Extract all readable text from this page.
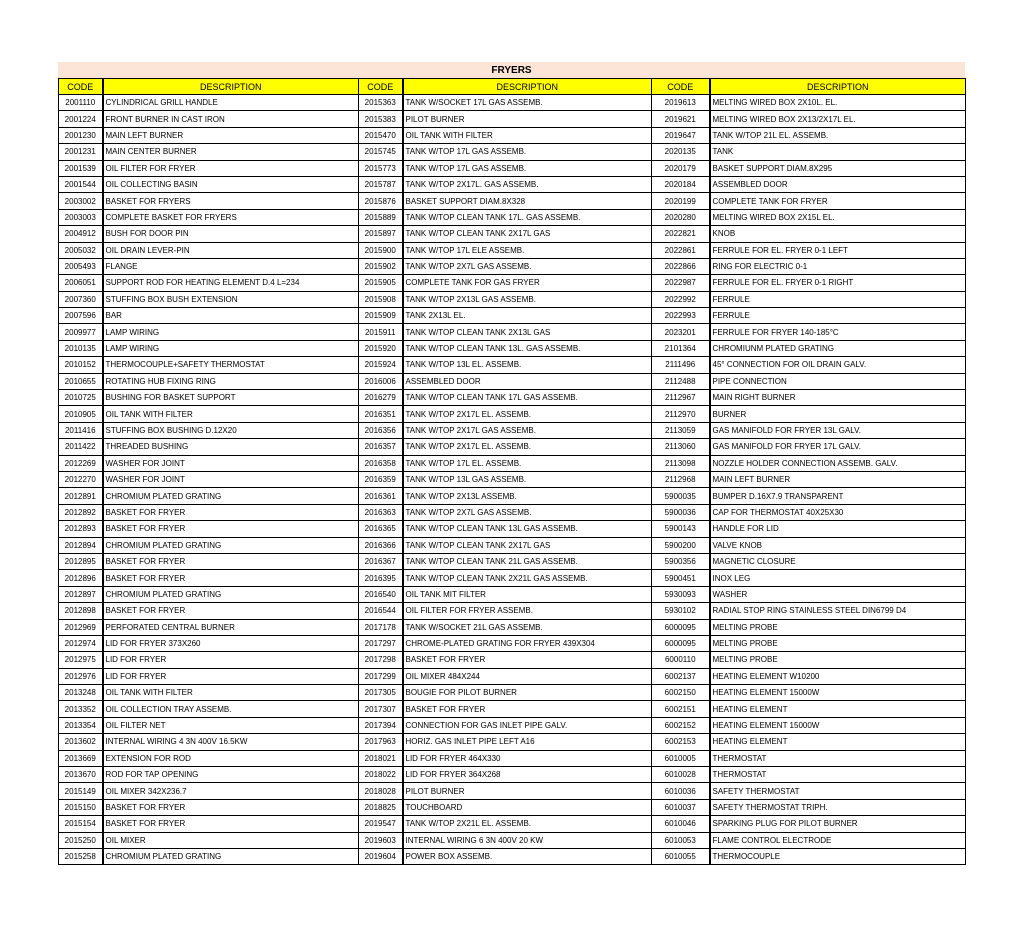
FRYERS
CODE	DESCRIPTION	CODE	DESCRIPTION	CODE	DESCRIPTION
2001110	CYLINDRICAL GRILL HANDLE	2015363	TANK W/SOCKET 17L GAS ASSEMB.	2019613	MELTING WIRED BOX 2X10L. EL.
2001224	FRONT BURNER IN CAST IRON	2015383	PILOT BURNER	2019621	MELTING WIRED BOX 2X13/2X17L EL.
2001230	MAIN LEFT BURNER	2015470	OIL TANK WITH FILTER	2019647	TANK W/TOP 21L EL. ASSEMB.
2001231	MAIN CENTER BURNER	2015745	TANK W/TOP 17L GAS ASSEMB.	2020135	TANK
2001539	OIL FILTER FOR FRYER	2015773	TANK W/TOP 17L GAS ASSEMB.	2020179	BASKET SUPPORT DIAM.8X295
2001544	OIL COLLECTING BASIN	2015787	TANK W/TOP 2X17L. GAS ASSEMB.	2020184	ASSEMBLED DOOR
2003002	BASKET FOR FRYERS	2015876	BASKET SUPPORT DIAM.8X328	2020199	COMPLETE TANK FOR FRYER
2003003	COMPLETE BASKET FOR FRYERS	2015889	TANK W/TOP CLEAN TANK 17L. GAS ASSEMB.	2020280	MELTING WIRED BOX 2X15L EL.
2004912	BUSH FOR DOOR PIN	2015897	TANK W/TOP CLEAN TANK 2X17L GAS	2022821	KNOB
2005032	OIL DRAIN LEVER-PIN	2015900	TANK W/TOP 17L ELE ASSEMB.	2022861	FERRULE FOR EL. FRYER 0-1 LEFT
2005493	FLANGE	2015902	TANK W/TOP 2X7L GAS ASSEMB.	2022866	RING FOR ELECTRIC 0-1
2006051	SUPPORT ROD FOR HEATING ELEMENT D.4 L=234	2015905	COMPLETE TANK FOR GAS FRYER	2022987	FERRULE FOR EL. FRYER 0-1 RIGHT
2007360	STUFFING BOX BUSH EXTENSION	2015908	TANK W/TOP 2X13L GAS ASSEMB.	2022992	FERRULE
2007596	BAR	2015909	TANK 2X13L EL.	2022993	FERRULE
2009977	LAMP WIRING	2015911	TANK W/TOP CLEAN TANK 2X13L GAS	2023201	FERRULE FOR FRYER 140-185°C
2010135	LAMP WIRING	2015920	TANK W/TOP CLEAN TANK 13L. GAS ASSEMB.	2101364	CHROMIUNM PLATED GRATING
2010152	THERMOCOUPLE+SAFETY THERMOSTAT	2015924	TANK W/TOP 13L EL. ASSEMB.	2111496	45° CONNECTION FOR OIL DRAIN GALV.
2010655	ROTATING HUB FIXING RING	2016006	ASSEMBLED DOOR	2112488	PIPE CONNECTION
2010725	BUSHING FOR BASKET SUPPORT	2016279	TANK W/TOP CLEAN TANK 17L GAS ASSEMB.	2112967	MAIN RIGHT BURNER
2010905	OIL TANK WITH FILTER	2016351	TANK W/TOP 2X17L EL. ASSEMB.	2112970	BURNER
2011416	STUFFING BOX BUSHING D.12X20	2016356	TANK W/TOP 2X17L GAS ASSEMB.	2113059	GAS MANIFOLD FOR FRYER 13L GALV.
2011422	THREADED BUSHING	2016357	TANK W/TOP 2X17L EL. ASSEMB.	2113060	GAS MANIFOLD FOR FRYER 17L GALV.
2012269	WASHER FOR JOINT	2016358	TANK W/TOP 17L EL. ASSEMB.	2113098	NOZZLE HOLDER CONNECTION ASSEMB. GALV.
2012270	WASHER FOR JOINT	2016359	TANK W/TOP 13L GAS ASSEMB.	2112968	MAIN LEFT BURNER
2012891	CHROMIUM PLATED GRATING	2016361	TANK W/TOP 2X13L ASSEMB.	5900035	BUMPER D.16X7.9 TRANSPARENT
2012892	BASKET FOR FRYER	2016363	TANK W/TOP 2X7L GAS ASSEMB.	5900036	CAP FOR THERMOSTAT 40X25X30
2012893	BASKET FOR FRYER	2016365	TANK W/TOP CLEAN TANK 13L GAS ASSEMB.	5900143	HANDLE FOR LID
2012894	CHROMIUM PLATED GRATING	2016366	TANK W/TOP CLEAN TANK 2X17L GAS	5900200	VALVE KNOB
2012895	BASKET FOR FRYER	2016367	TANK W/TOP CLEAN TANK 21L GAS ASSEMB.	5900356	MAGNETIC CLOSURE
2012896	BASKET FOR FRYER	2016395	TANK W/TOP CLEAN TANK 2X21L GAS ASSEMB.	5900451	INOX LEG
2012897	CHROMIUM PLATED GRATING	2016540	OIL TANK MIT FILTER	5930093	WASHER
2012898	BASKET FOR FRYER	2016544	OIL FILTER FOR FRYER ASSEMB.	5930102	RADIAL STOP RING STAINLESS STEEL DIN6799 D4
2012969	PERFORATED CENTRAL BURNER	2017178	TANK W/SOCKET 21L GAS ASSEMB.	6000095	MELTING PROBE
2012974	LID FOR FRYER 373X260	2017297	CHROME-PLATED GRATING FOR FRYER 439X304	6000095	MELTING PROBE
2012975	LID FOR FRYER	2017298	BASKET FOR FRYER	6000110	MELTING PROBE
2012976	LID FOR FRYER	2017299	OIL MIXER 484X244	6002137	HEATING ELEMENT W10200
2013248	OIL TANK WITH FILTER	2017305	BOUGIE FOR PILOT BURNER	6002150	HEATING ELEMENT 15000W
2013352	OIL COLLECTION TRAY ASSEMB.	2017307	BASKET FOR FRYER	6002151	HEATING ELEMENT
2013354	OIL FILTER NET	2017394	CONNECTION FOR GAS INLET PIPE GALV.	6002152	HEATING ELEMENT 15000W
2013602	INTERNAL WIRING 4 3N 400V 16.5KW	2017963	HORIZ. GAS INLET PIPE LEFT A16	6002153	HEATING ELEMENT
2013669	EXTENSION FOR ROD	2018021	LID FOR FRYER 464X330	6010005	THERMOSTAT
2013670	ROD FOR TAP OPENING	2018022	LID FOR FRYER 364X268	6010028	THERMOSTAT
2015149	OIL MIXER 342X236.7	2018028	PILOT BURNER	6010036	SAFETY THERMOSTAT
2015150	BASKET FOR FRYER	2018825	TOUCHBOARD	6010037	SAFETY THERMOSTAT TRIPH.
2015154	BASKET FOR FRYER	2019547	TANK W/TOP 2X21L EL. ASSEMB.	6010046	SPARKING PLUG FOR PILOT BURNER
2015250	OIL MIXER	2019603	INTERNAL WIRING 6 3N 400V 20 KW	6010053	FLAME CONTROL ELECTRODE
2015258	CHROMIUM PLATED GRATING	2019604	POWER BOX ASSEMB.	6010055	THERMOCOUPLE
